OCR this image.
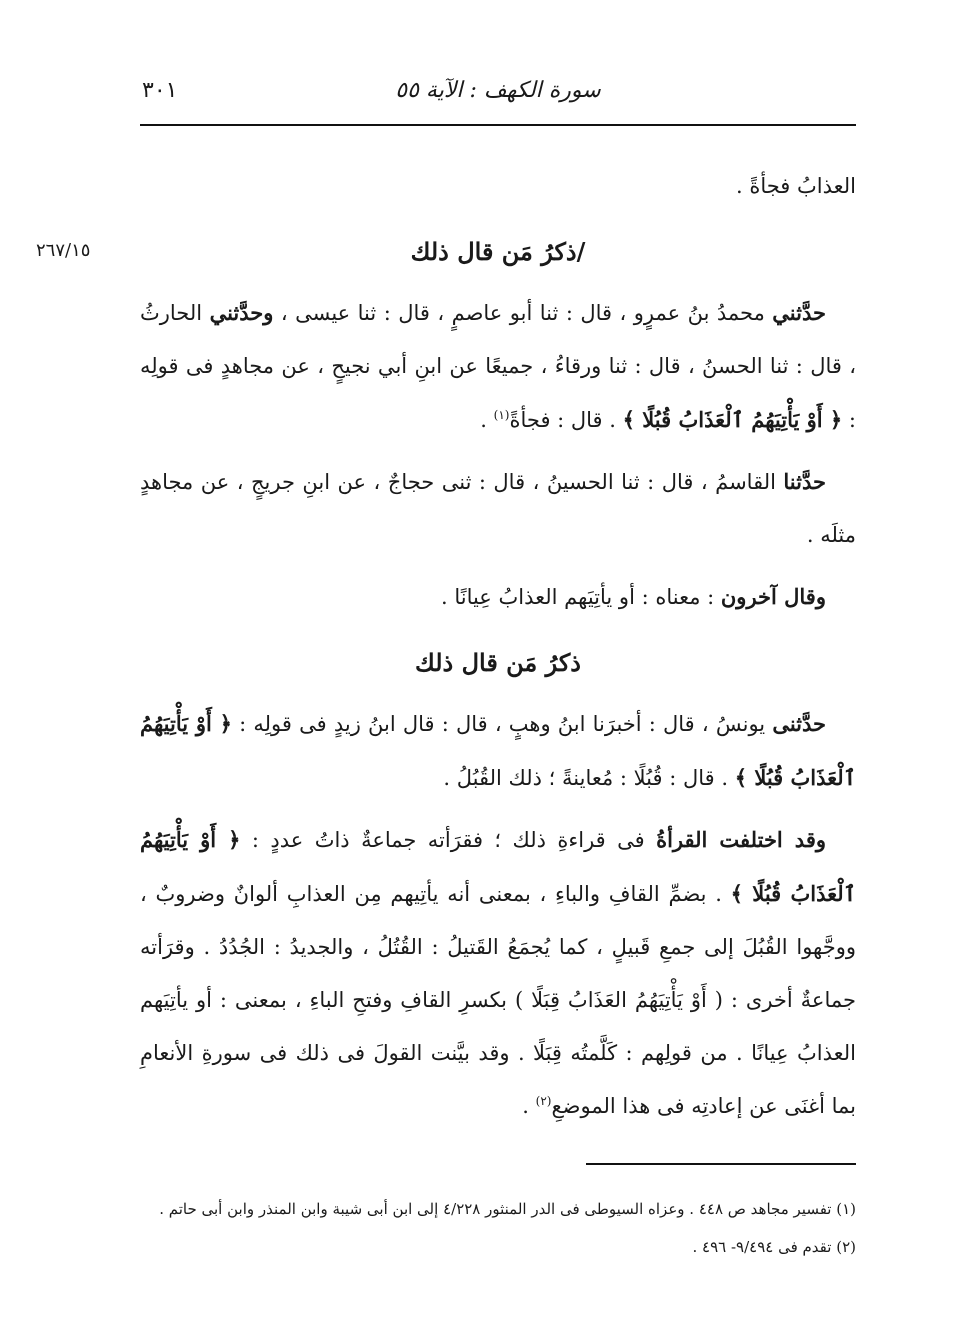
سورة الكهف : الآية ٥٥
٣٠١
٢٦٧/١٥

العذابُ فجأةً .

/ذكرُ مَن قال ذلك

حدَّثني محمدُ بنُ عمرٍو ، قال : ثنا أبو عاصمٍ ، قال : ثنا عيسى ، وحدَّثني الحارثُ ، قال : ثنا الحسنُ ، قال : ثنا ورقاءُ ، جميعًا عن ابنِ أبي نجيحٍ ، عن مجاهدٍ فى قولِه : ﴿ أَوْ يَأْتِيَهُمُ ٱلْعَذَابُ قُبُلًا ﴾ . قال : فجأةً$^{(١)}$ .

حدَّثنا القاسمُ ، قال : ثنا الحسينُ ، قال : ثنى حجاجٌ ، عن ابنِ جريجٍ ، عن مجاهدٍ مثلَه .

وقال آخرون : معناه : أو يأتِيَهم العذابُ عِيانًا .

ذكرُ مَن قال ذلك

حدَّثنى يونسُ ، قال : أخبرَنا ابنُ وهبٍ ، قال : قال ابنُ زيدٍ فى قولِه : ﴿ أَوْ يَأْتِيَهُمُ ٱلْعَذَابُ قُبُلًا ﴾ . قال : قُبُلًا : مُعاينةً ؛ ذلك القُبُلُ .

وقد اختلفت القرأةُ فى قراءةِ ذلك ؛ فقرَأته جماعةٌ ذاتُ عددٍ : ﴿ أَوْ يَأْتِيَهُمُ ٱلْعَذَابُ قُبُلًا ﴾ . بضمِّ القافِ والباءِ ، بمعنى أنه يأتِيهم مِن العذابِ ألوانٌ وضروبٌ ، ووجَّهوا القُبُلَ إلى جمعِ قَبيلٍ ، كما يُجمَعُ القَتيلُ : القُتُلُ ، والجديدُ : الجُدُدُ . وقرَأته جماعةٌ أخرى : ( أَوْ يَأْتِيَهُمُ العَذَابُ قِبَلًا ) بكسرِ القافِ وفتحِ الباءِ ، بمعنى : أو يأتِيَهم العذابُ عِيانًا . من قولِهم : كَلَّمتُه قِبَلًا . وقد بيَّنت القولَ فى ذلك فى سورةِ الأنعامِ بما أغنَى عن إعادتِه فى هذا الموضعِ$^{(٢)}$ .

(١) تفسير مجاهد ص ٤٤٨ . وعزاه السيوطى فى الدر المنثور ٤/٢٢٨ إلى ابن أبى شيبة وابن المنذر وابن أبى حاتم .

(٢) تقدم فى ٩/٤٩٤- ٤٩٦ .
